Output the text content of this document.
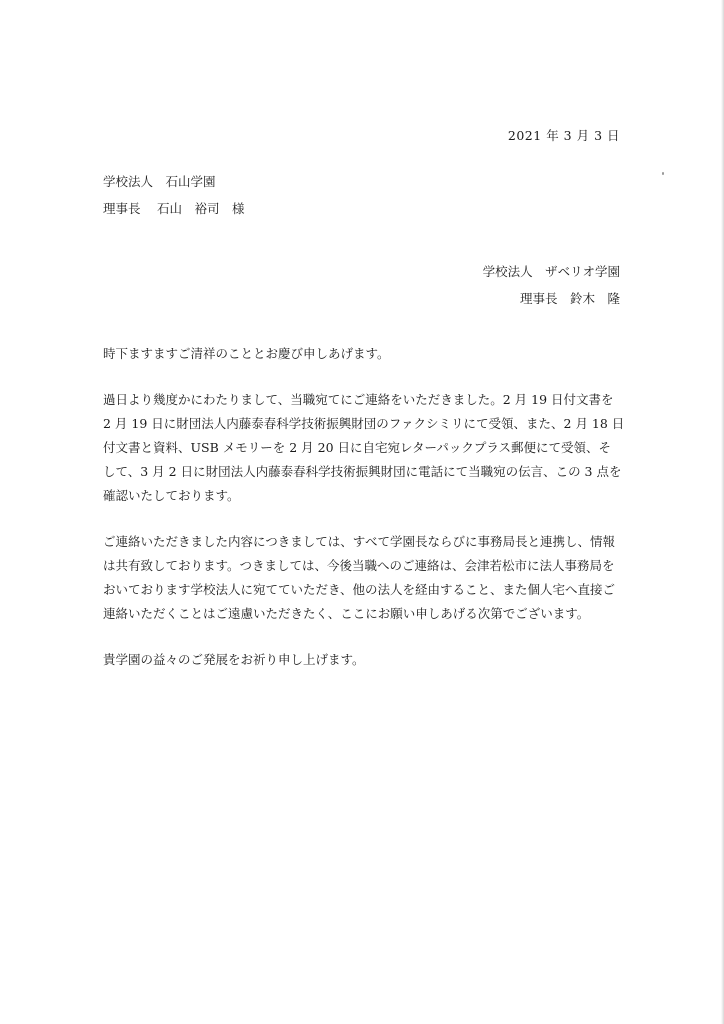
2021 年 3 月 3 日
学校法人　石山学園
理事長　 石山　裕司　様
学校法人　ザベリオ学園
理事長　鈴木　隆

時下ますますご清祥のこととお慶び申しあげます。

過日より幾度かにわたりまして、当職宛てにご連絡をいただきました。2 月 19 日付文書を
2 月 19 日に財団法人内藤泰春科学技術振興財団のファクシミリにて受領、また、2 月 18 日
付文書と資料、USB メモリーを 2 月 20 日に自宅宛レターパックプラス郵便にて受領、そ
して、3 月 2 日に財団法人内藤泰春科学技術振興財団に電話にて当職宛の伝言、この 3 点を
確認いたしております。

ご連絡いただきました内容につきましては、すべて学園長ならびに事務局長と連携し、情報
は共有致しております。つきましては、今後当職へのご連絡は、会津若松市に法人事務局を
おいております学校法人に宛てていただき、他の法人を経由すること、また個人宅へ直接ご
連絡いただくことはご遠慮いただきたく、ここにお願い申しあげる次第でございます。

貴学園の益々のご発展をお祈り申し上げます。
